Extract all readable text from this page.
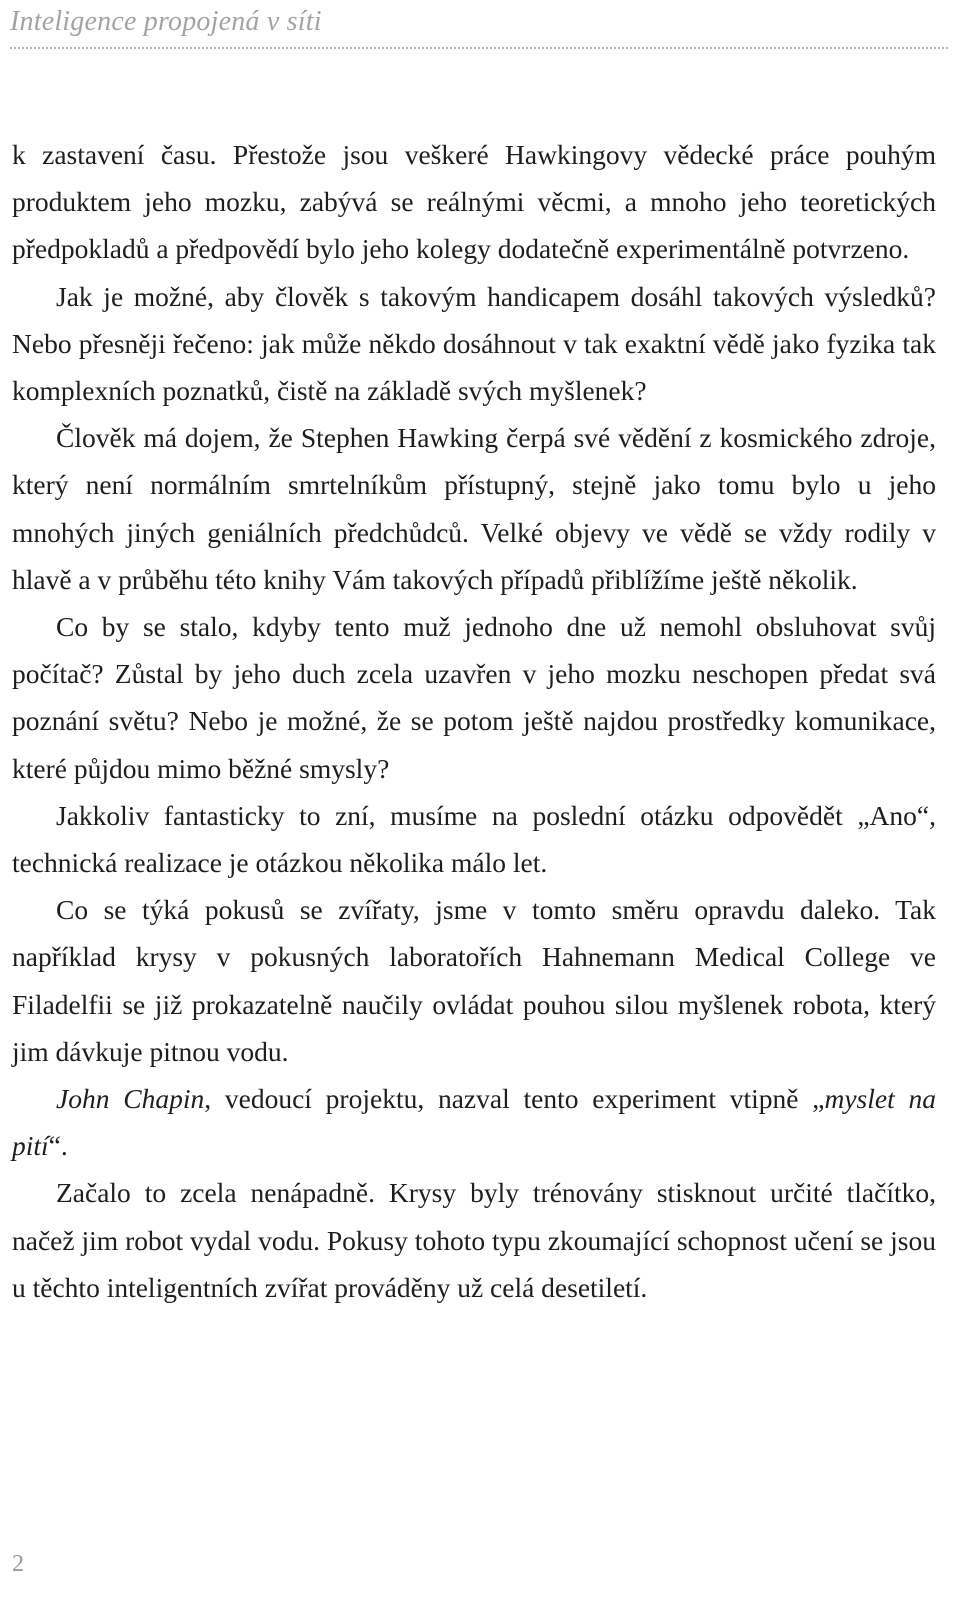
Inteligence propojená v síti

k zastavení času. Přestože jsou veškeré Hawkingovy vědecké práce pouhým produktem jeho mozku, zabývá se reálnými věcmi, a mnoho jeho teoretických předpokladů a předpovědí bylo jeho kolegy dodatečně experimentálně potvrzeno.

Jak je možné, aby člověk s takovým handicapem dosáhl takových výsledků? Nebo přesněji řečeno: jak může někdo dosáhnout v tak exaktní vědě jako fyzika tak komplexních poznatků, čistě na základě svých myšlenek?

Člověk má dojem, že Stephen Hawking čerpá své vědění z kosmického zdroje, který není normálním smrtelníkům přístupný, stejně jako tomu bylo u jeho mnohých jiných geniálních předchůdců. Velké objevy ve vědě se vždy rodily v hlavě a v průběhu této knihy Vám takových případů přiblížíme ještě několik.

Co by se stalo, kdyby tento muž jednoho dne už nemohl obsluhovat svůj počítač? Zůstal by jeho duch zcela uzavřen v jeho mozku neschopen předat svá poznání světu? Nebo je možné, že se potom ještě najdou prostředky komunikace, které půjdou mimo běžné smysly?

Jakkoliv fantasticky to zní, musíme na poslední otázku odpovědět „Ano“, technická realizace je otázkou několika málo let.

Co se týká pokusů se zvířaty, jsme v tomto směru opravdu daleko. Tak například krysy v pokusných laboratořích Hahnemann Medical College ve Filadelfii se již prokazatelně naučily ovládat pouhou silou myšlenek robota, který jim dávkuje pitnou vodu.

John Chapin, vedoucí projektu, nazval tento experiment vtipně „myslet na pití“.

Začalo to zcela nenápadně. Krysy byly trénovány stisknout určité tlačítko, načež jim robot vydal vodu. Pokusy tohoto typu zkoumající schopnost učení se jsou u těchto inteligentních zvířat prováděny už celá desetiletí.

2
